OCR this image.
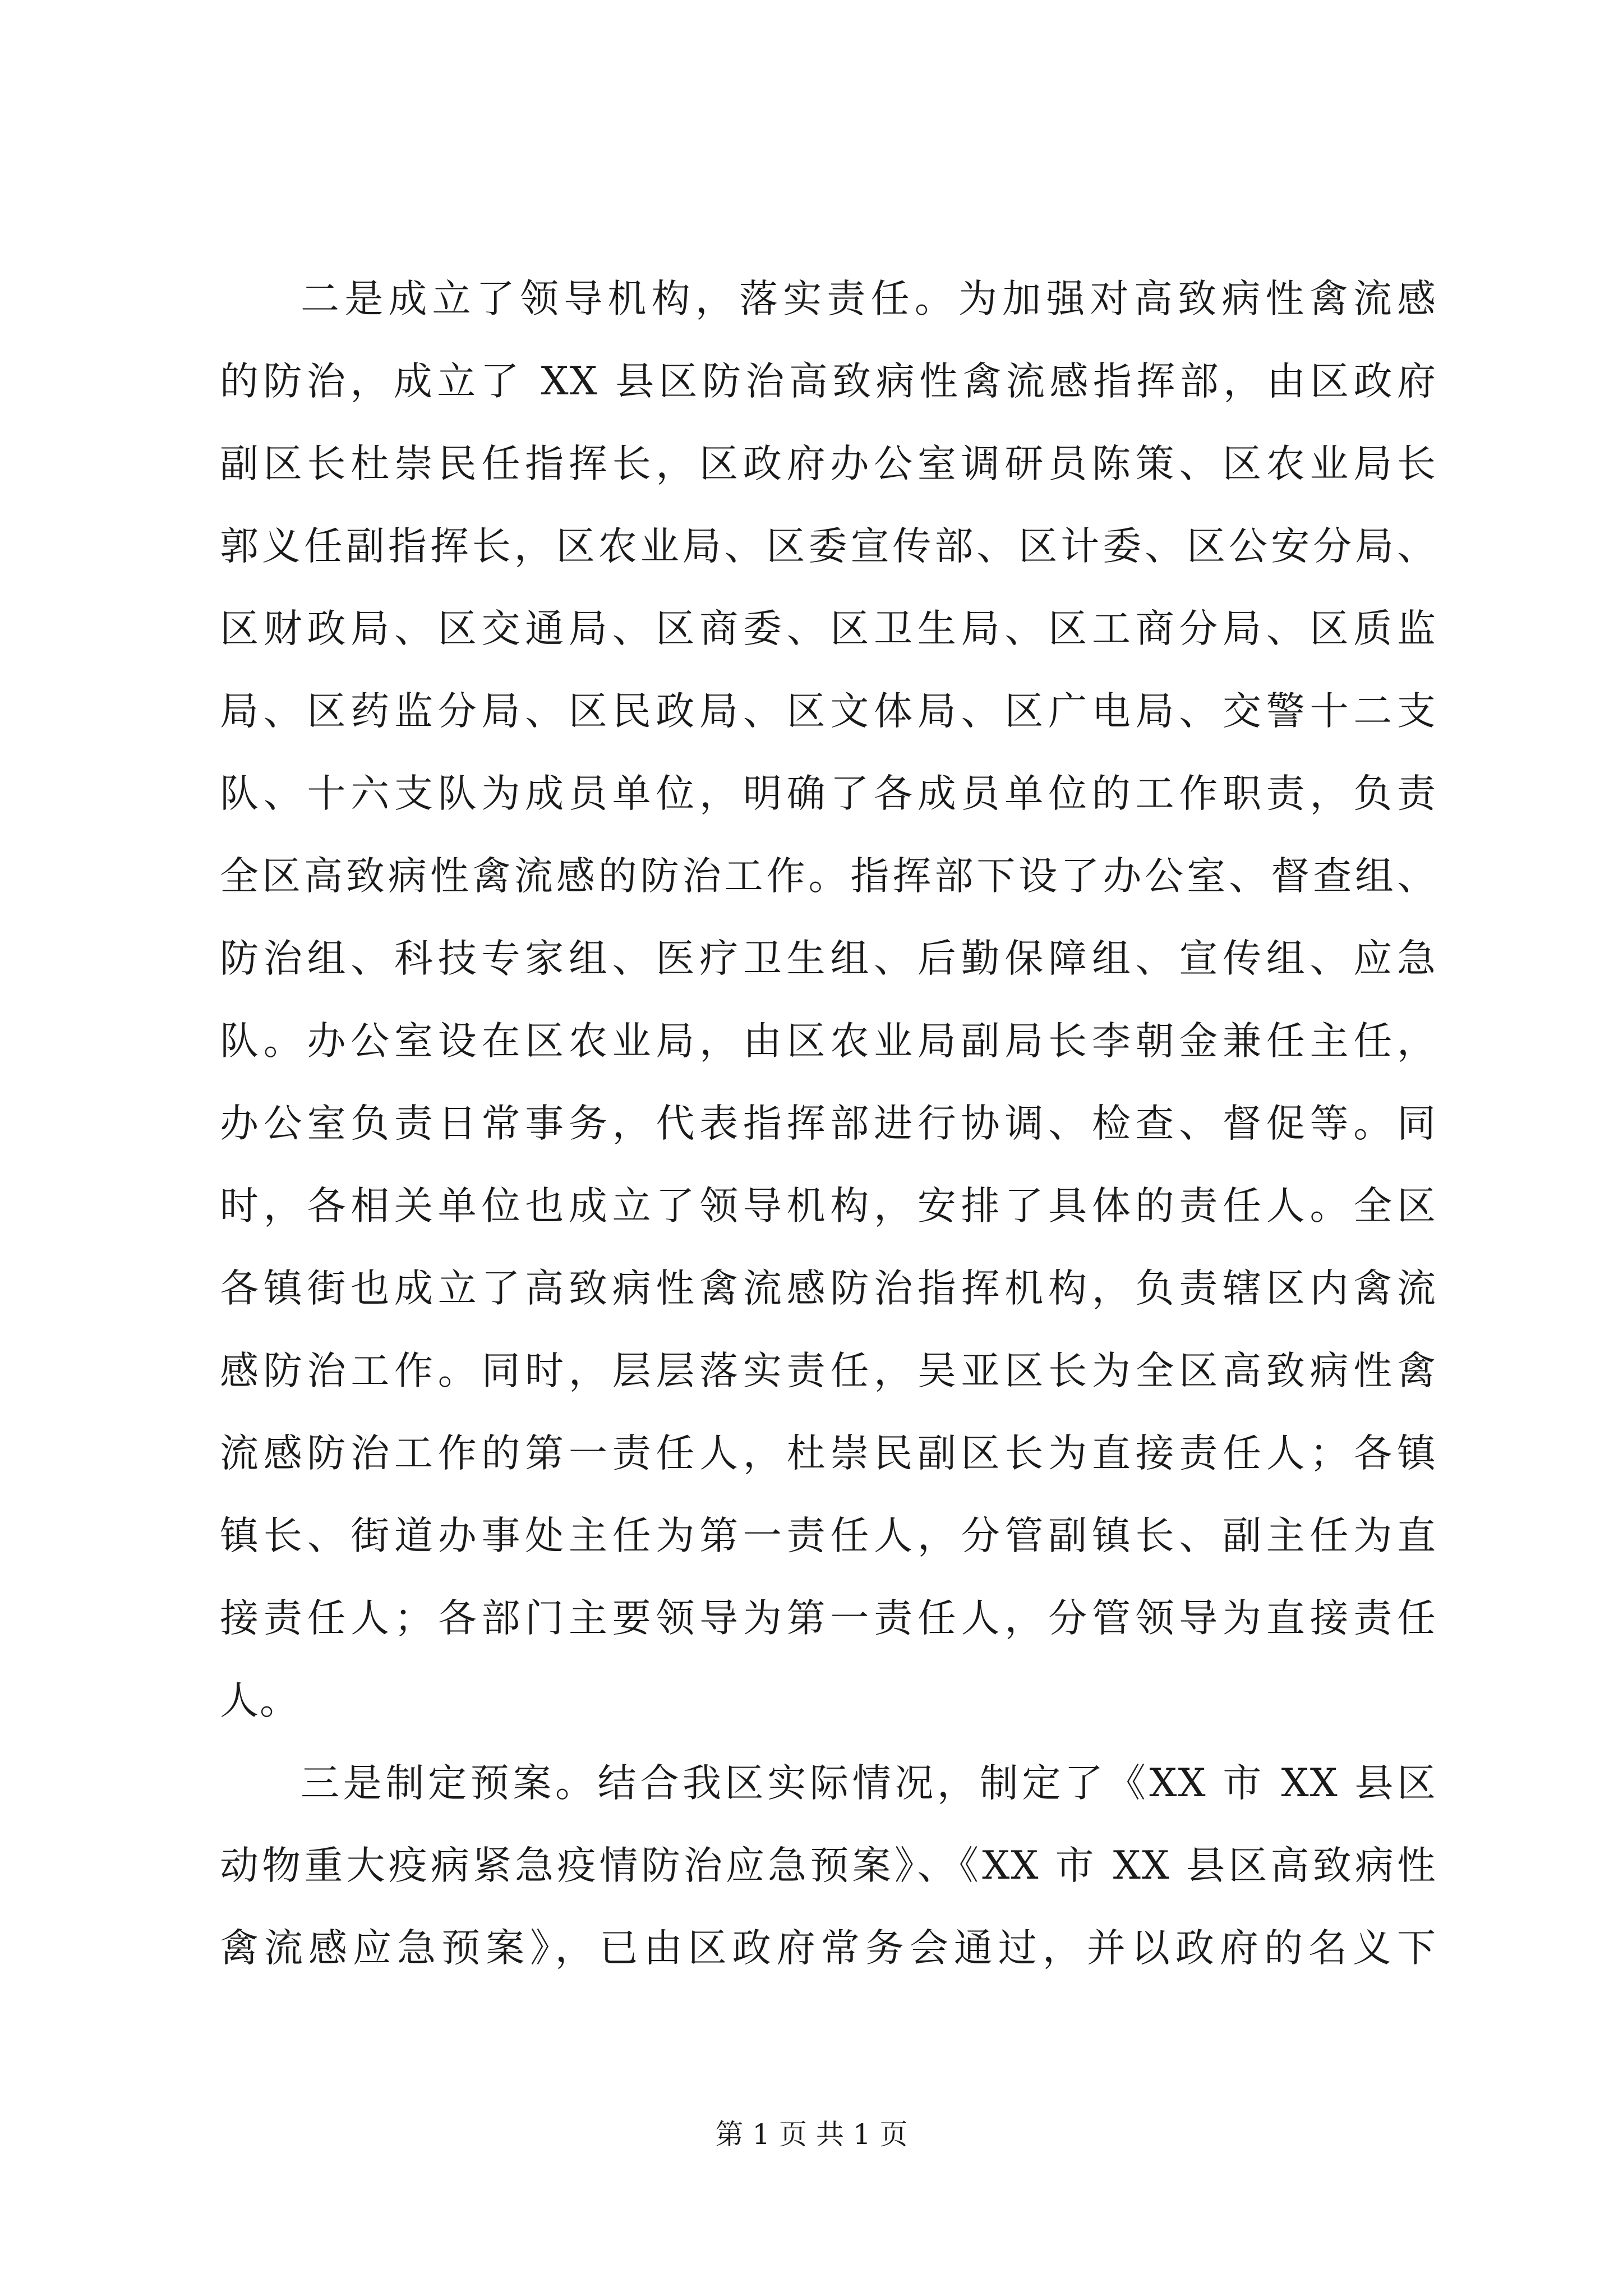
二是成立了领导机构，落实责任。为加强对高致病性禽流感
的防治，成立了 XX 县区防治高致病性禽流感指挥部，由区政府
副区长杜崇民任指挥长，区政府办公室调研员陈策、区农业局长
郭义任副指挥长，区农业局、区委宣传部、区计委、区公安分局、
区财政局、区交通局、区商委、区卫生局、区工商分局、区质监
局、区药监分局、区民政局、区文体局、区广电局、交警十二支
队、十六支队为成员单位，明确了各成员单位的工作职责，负责
全区高致病性禽流感的防治工作。指挥部下设了办公室、督查组、
防治组、科技专家组、医疗卫生组、后勤保障组、宣传组、应急
队。办公室设在区农业局，由区农业局副局长李朝金兼任主任，
办公室负责日常事务，代表指挥部进行协调、检查、督促等。同
时，各相关单位也成立了领导机构，安排了具体的责任人。全区
各镇街也成立了高致病性禽流感防治指挥机构，负责辖区内禽流
感防治工作。同时，层层落实责任，吴亚区长为全区高致病性禽
流感防治工作的第一责任人，杜崇民副区长为直接责任人；各镇
镇长、街道办事处主任为第一责任人，分管副镇长、副主任为直
接责任人；各部门主要领导为第一责任人，分管领导为直接责任
人。
三是制定预案。结合我区实际情况，制定了《XX 市 XX 县区
动物重大疫病紧急疫情防治应急预案》、《XX 市 XX 县区高致病性
禽流感应急预案》，已由区政府常务会通过，并以政府的名义下
第 1 页 共 1 页
